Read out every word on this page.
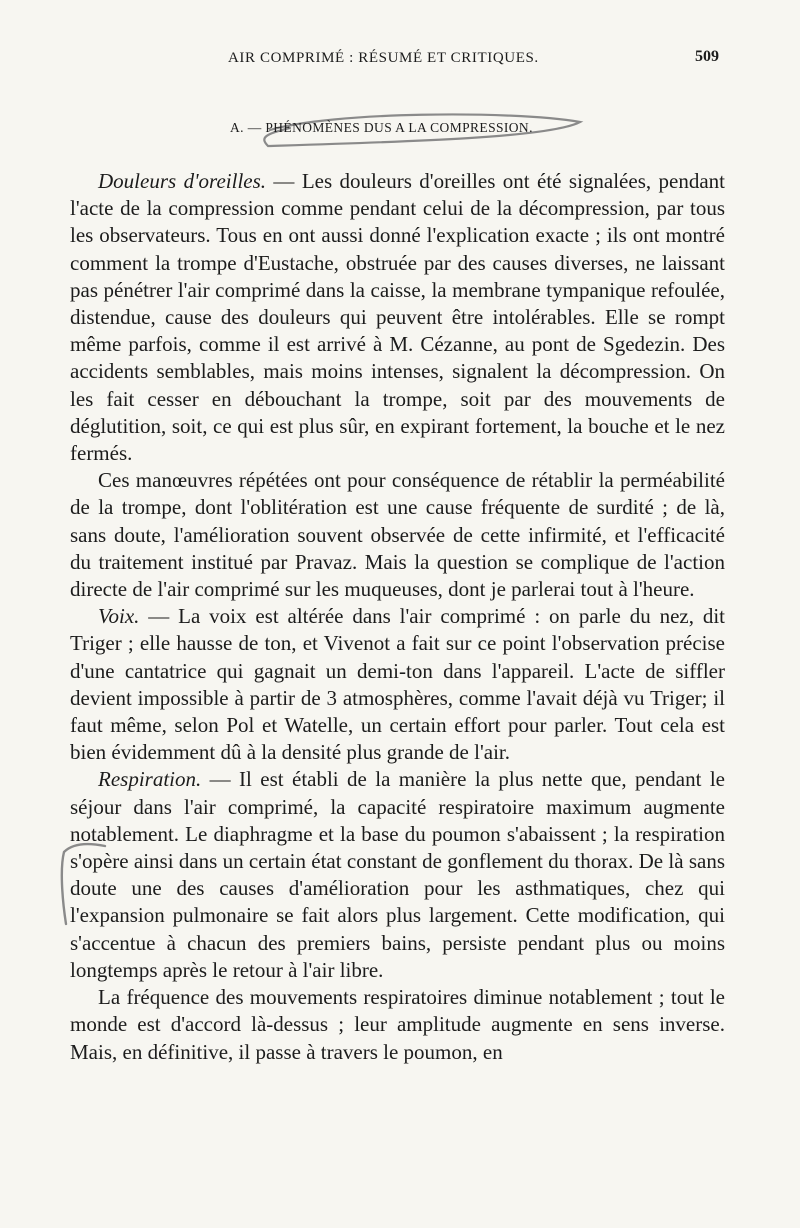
AIR COMPRIMÉ : RÉSUMÉ ET CRITIQUES.	509
A. — PHÉNOMÈNES DUS A LA COMPRESSION.

Douleurs d'oreilles. — Les douleurs d'oreilles ont été signalées, pendant l'acte de la compression comme pendant celui de la décompression, par tous les observateurs. Tous en ont aussi donné l'explication exacte ; ils ont montré comment la trompe d'Eustache, obstruée par des causes diverses, ne laissant pas pénétrer l'air comprimé dans la caisse, la membrane tympanique refoulée, distendue, cause des douleurs qui peuvent être intolérables. Elle se rompt même parfois, comme il est arrivé à M. Cézanne, au pont de Sgedezin. Des accidents semblables, mais moins intenses, signalent la décompression. On les fait cesser en débouchant la trompe, soit par des mouvements de déglutition, soit, ce qui est plus sûr, en expirant fortement, la bouche et le nez fermés.

Ces manœuvres répétées ont pour conséquence de rétablir la perméabilité de la trompe, dont l'oblitération est une cause fréquente de surdité ; de là, sans doute, l'amélioration souvent observée de cette infirmité, et l'efficacité du traitement institué par Pravaz. Mais la question se complique de l'action directe de l'air comprimé sur les muqueuses, dont je parlerai tout à l'heure.

Voix. — La voix est altérée dans l'air comprimé : on parle du nez, dit Triger ; elle hausse de ton, et Vivenot a fait sur ce point l'observation précise d'une cantatrice qui gagnait un demi-ton dans l'appareil. L'acte de siffler devient impossible à partir de 3 atmosphères, comme l'avait déjà vu Triger; il faut même, selon Pol et Watelle, un certain effort pour parler. Tout cela est bien évidemment dû à la densité plus grande de l'air.

Respiration. — Il est établi de la manière la plus nette que, pendant le séjour dans l'air comprimé, la capacité respiratoire maximum augmente notablement. Le diaphragme et la base du poumon s'abaissent ; la respiration s'opère ainsi dans un certain état constant de gonflement du thorax. De là sans doute une des causes d'amélioration pour les asthmatiques, chez qui l'expansion pulmonaire se fait alors plus largement. Cette modification, qui s'accentue à chacun des premiers bains, persiste pendant plus ou moins longtemps après le retour à l'air libre.

La fréquence des mouvements respiratoires diminue notablement ; tout le monde est d'accord là-dessus ; leur amplitude augmente en sens inverse. Mais, en définitive, il passe à travers le poumon, en
